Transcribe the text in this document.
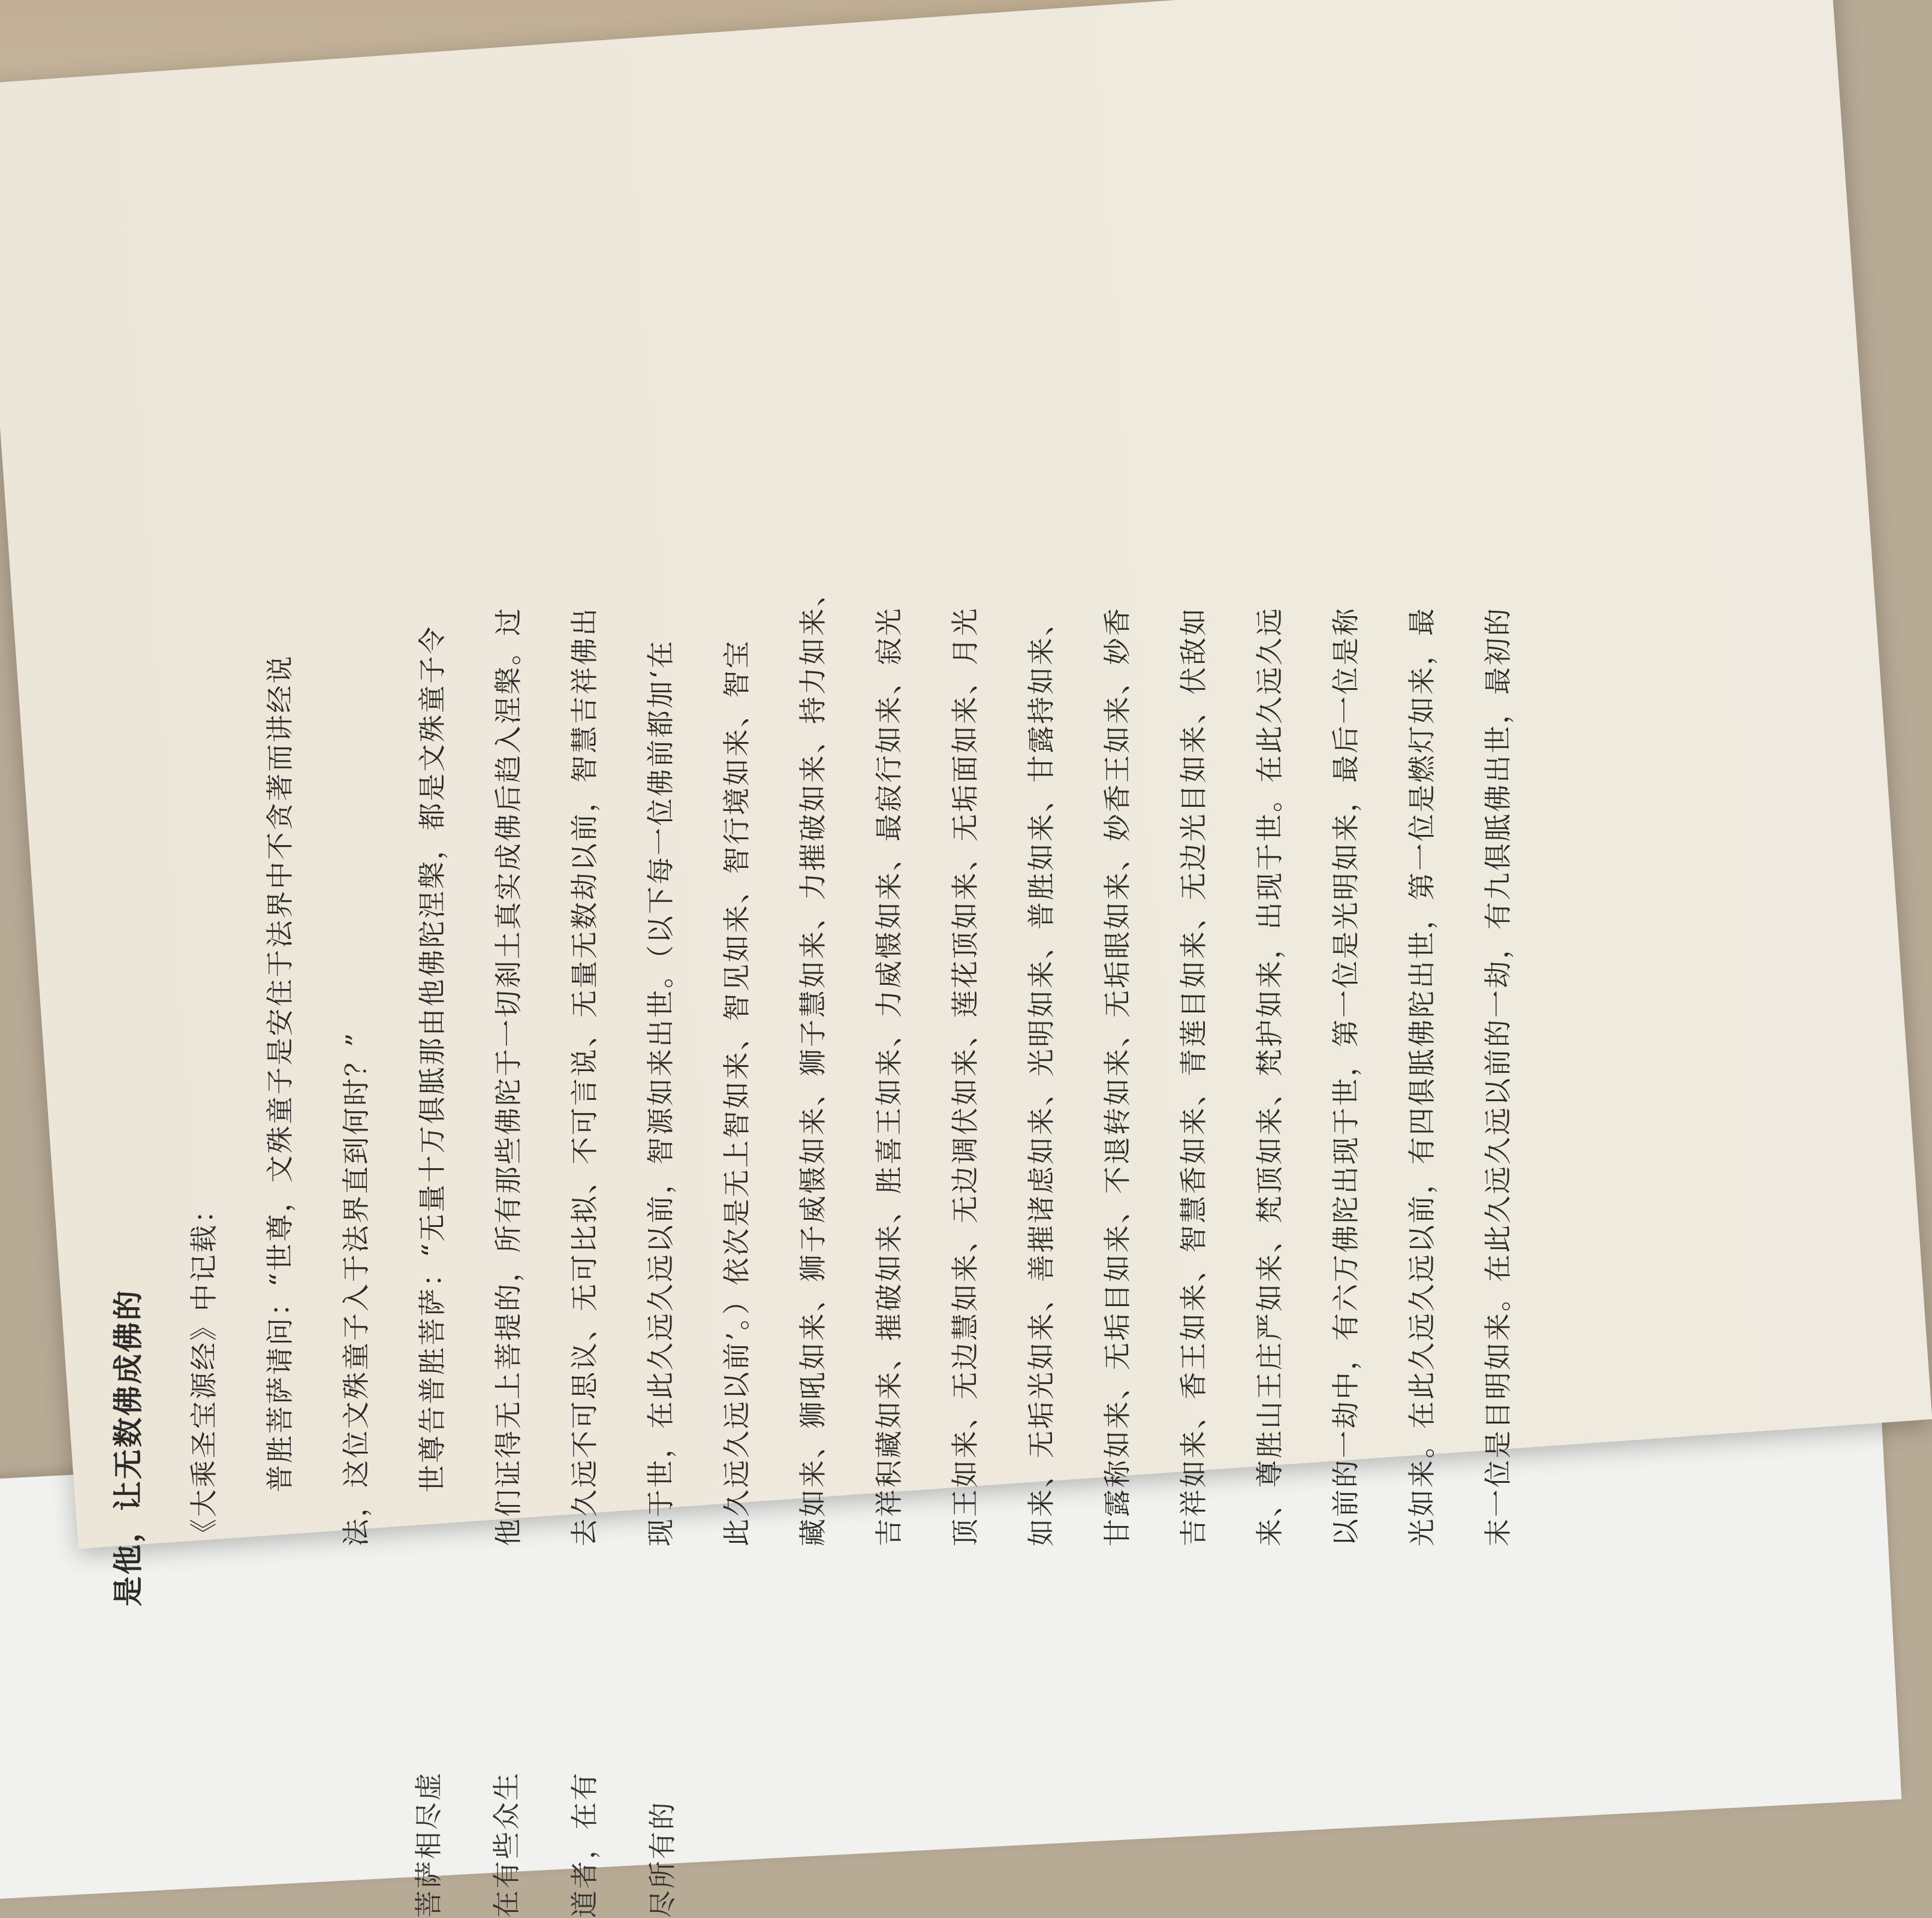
是他，让无数佛成佛的	《大乘圣宝源经》中记载：	普胜菩萨请问：“世尊，文殊童子是安住于法界中不贪著而讲经说	法，这位文殊童子入于法界直到何时？”	世尊告普胜菩萨：“无量十万俱胝那由他佛陀涅槃，都是文殊童子令	他们证得无上菩提的，所有那些佛陀于一切刹土真实成佛后趋入涅槃。过	去久远不可思议、无可比拟、不可言说、无量无数劫以前，智慧吉祥佛出	现于世，在此久远久远以前，智源如来出世。（以下每一位佛前都加‘在	此久远久远以前’。）依次是无上智如来、智见如来、智行境如来、智宝	藏如来、狮吼如来、狮子威慑如来、狮子慧如来、力摧破如来、持力如来、	吉祥积藏如来、摧破如来、胜喜王如来、力威慑如来、最寂行如来、寂光	顶王如来、无边慧如来、无边调伏如来、莲花顶如来、无垢面如来、月光	如来、无垢光如来、善摧诸虑如来、光明如来、普胜如来、甘露持如来、	甘露称如来、无垢目如来、不退转如来、无垢眼如来、妙香王如来、妙香	吉祥如来、香王如来、智慧香如来、青莲目如来、无边光目如来、伏敌如	来、尊胜山王庄严如来、梵顶如来、梵护如来，出现于世。在此久远久远	以前的一劫中，有六万佛陀出现于世，第一位是光明如来，最后一位是称	光如来。在此久远久远以前，有四俱胝佛陀出世，第一位是燃灯如来，最	末一位是目明如来。在此久远久远以前的一劫，有九俱胝佛出世，最初的
菩萨相尽虚	在有些众生	道者，在有	尽所有的
